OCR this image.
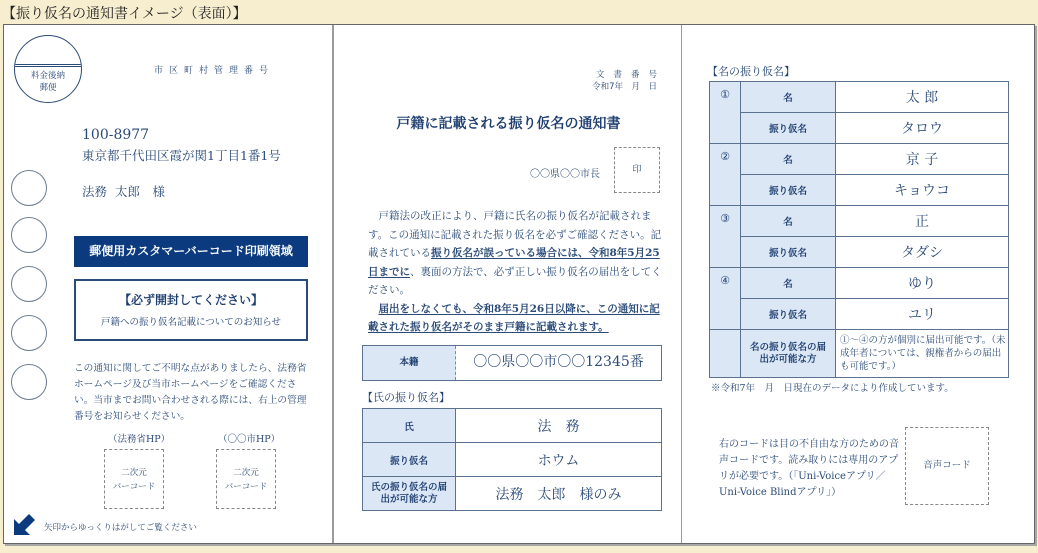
【振り仮名の通知書イメージ（表面）】
料金後納
郵便
市区町村管理番号
100-8977
東京都千代田区霞が関1丁目1番1号
法務 太郎　様
郵便用カスタマーバーコード印刷領域
【必ず開封してください】
戸籍への振り仮名記載についてのお知らせ
この通知に関してご不明な点がありましたら、法務省ホームページ及び当市ホームページをご確認ください。当市までお問い合わせされる際には、右上の管理番号をお知らせください。
（法務省HP）
二次元
バーコード
（〇〇市HP）
二次元
バーコード
矢印からゆっくりはがしてご覧ください
文書番号
令和7年　月　日
戸籍に記載される振り仮名の通知書
〇〇県〇〇市長	印

戸籍法の改正により、戸籍に氏名の振り仮名が記載されます。この通知に記載された振り仮名を必ずご確認ください。記載されている振り仮名が誤っている場合には、令和8年5月25日までに、裏面の方法で、必ず正しい振り仮名の届出をしてください。

届出をしなくても、令和8年5月26日以降に、この通知に記載された振り仮名がそのまま戸籍に記載されます。

本籍	〇〇県〇〇市〇〇12345番
【氏の振り仮名】
氏	法　務
振り仮名	ホウム
氏の振り仮名の届出が可能な方	法務　太郎　様のみ
【名の振り仮名】
①	名	太 郎
	振り仮名	タロウ
②	名	京 子
	振り仮名	キョウコ
③	名	正
	振り仮名	タダシ
④	名	ゆり
	振り仮名	ユリ
	名の振り仮名の届出が可能な方	①～④の方が個別に届出可能です。（未成年者については、親権者からの届出も可能です。）
※令和7年　月　日現在のデータにより作成しています。
右のコードは目の不自由な方のための音声コードです。読み取りには専用のアプリが必要です。（「Uni-Voiceアプリ／Uni-Voice Blindアプリ」）
音声コード
